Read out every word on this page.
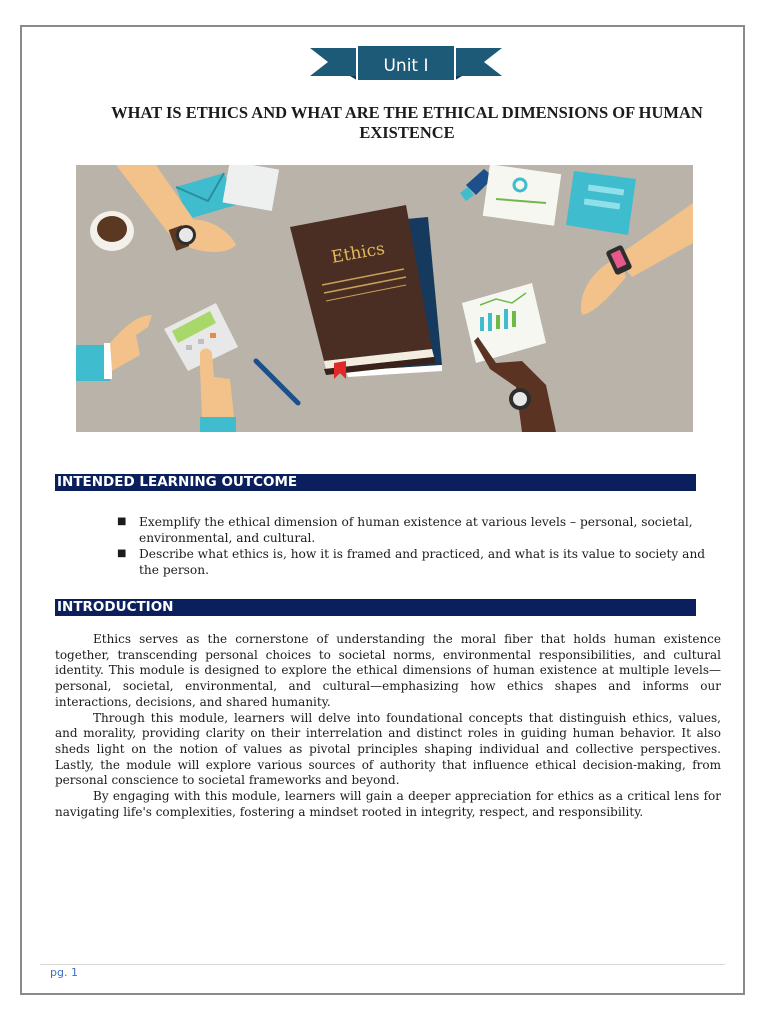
Unit I
WHAT IS ETHICS AND WHAT ARE THE ETHICAL DIMENSIONS OF HUMAN EXISTENCE
Ethics
INTENDED LEARNING OUTCOME
■ Exemplify the ethical dimension of human existence at various levels – personal, societal, environmental, and cultural.
■ Describe what ethics is, how it is framed and practiced, and what is its value to society and the person.
INTRODUCTION

Ethics serves as the cornerstone of understanding the moral fiber that holds human existence together, transcending personal choices to societal norms, environmental responsibilities, and cultural identity. This module is designed to explore the ethical dimensions of human existence at multiple levels—personal, societal, environmental, and cultural—emphasizing how ethics shapes and informs our interactions, decisions, and shared humanity.

Through this module, learners will delve into foundational concepts that distinguish ethics, values, and morality, providing clarity on their interrelation and distinct roles in guiding human behavior. It also sheds light on the notion of values as pivotal principles shaping individual and collective perspectives. Lastly, the module will explore various sources of authority that influence ethical decision-making, from personal conscience to societal frameworks and beyond.

By engaging with this module, learners will gain a deeper appreciation for ethics as a critical lens for navigating life's complexities, fostering a mindset rooted in integrity, respect, and responsibility.

pg. 1
